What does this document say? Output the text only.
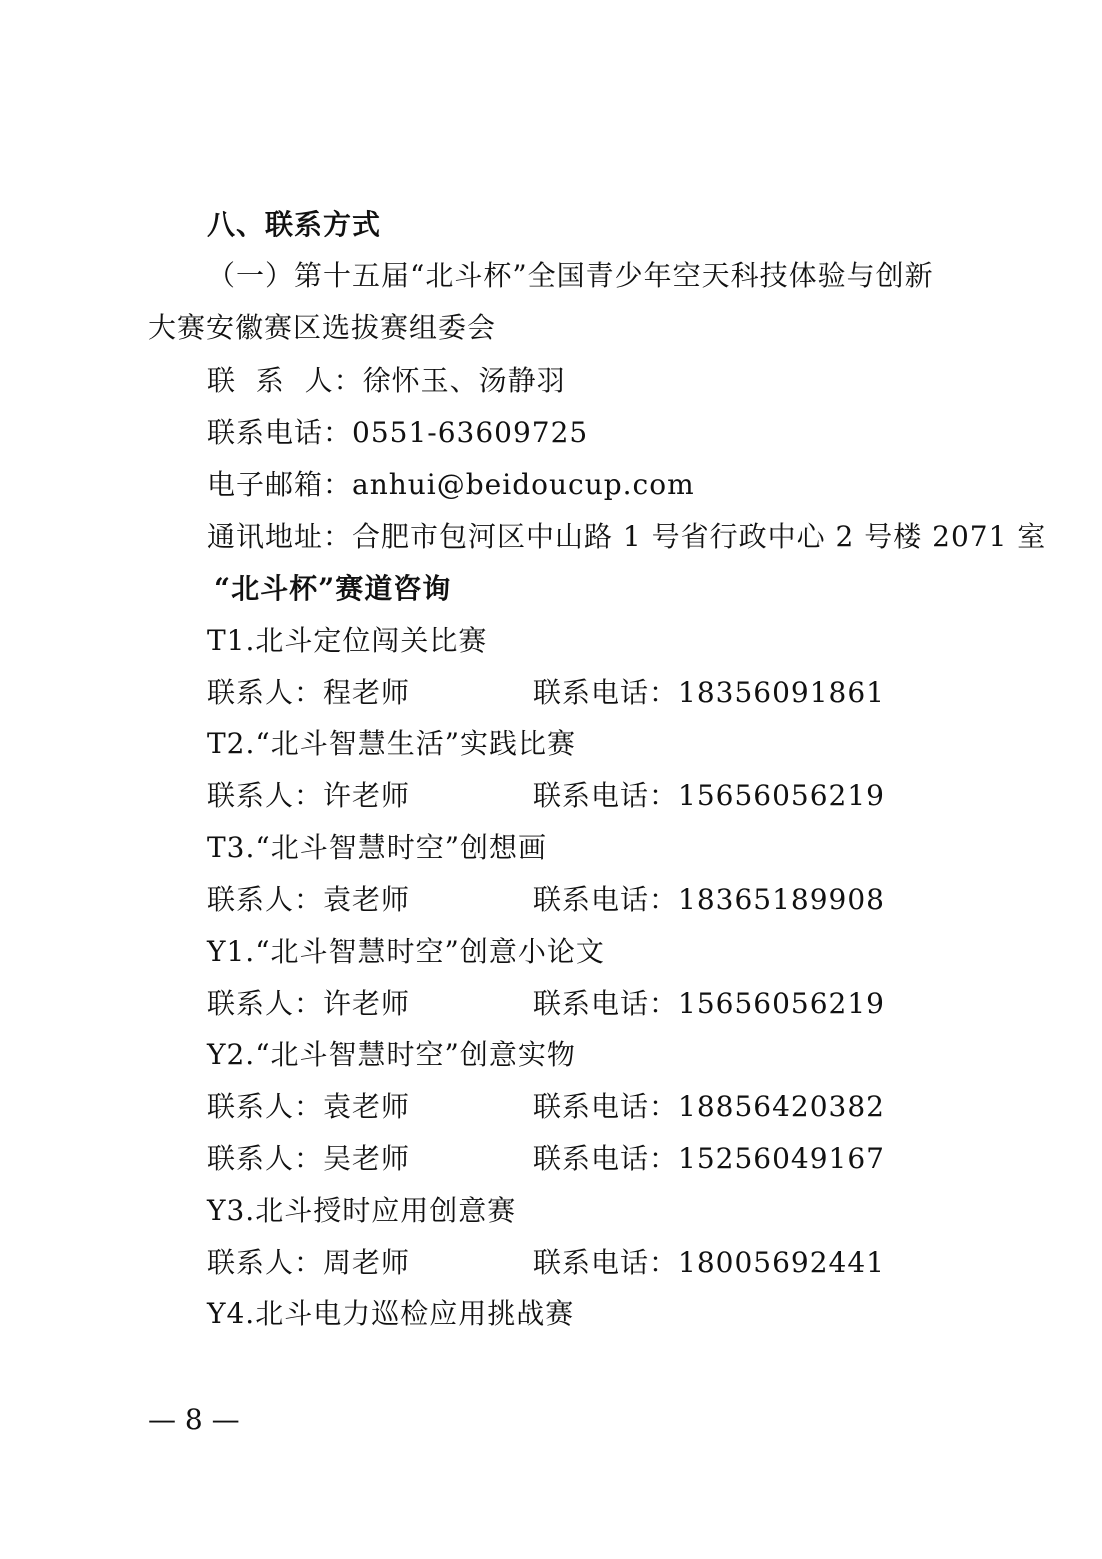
八、联系方式
（一）第十五届“北斗杯”全国青少年空天科技体验与创新
大赛安徽赛区选拔赛组委会
联  系  人：徐怀玉、汤静羽
联系电话：0551-63609725
电子邮箱：anhui@beidoucup.com
通讯地址：合肥市包河区中山路 1 号省行政中心 2 号楼 2071 室
“北斗杯”赛道咨询
T1.北斗定位闯关比赛
联系人：程老师	联系电话：18356091861
T2.“北斗智慧生活”实践比赛
联系人：许老师	联系电话：15656056219
T3.“北斗智慧时空”创想画
联系人：袁老师	联系电话：18365189908
Y1.“北斗智慧时空”创意小论文
联系人：许老师	联系电话：15656056219
Y2.“北斗智慧时空”创意实物
联系人：袁老师	联系电话：18856420382
联系人：吴老师	联系电话：15256049167
Y3.北斗授时应用创意赛
联系人：周老师	联系电话：18005692441
Y4.北斗电力巡检应用挑战赛
— 8 —
